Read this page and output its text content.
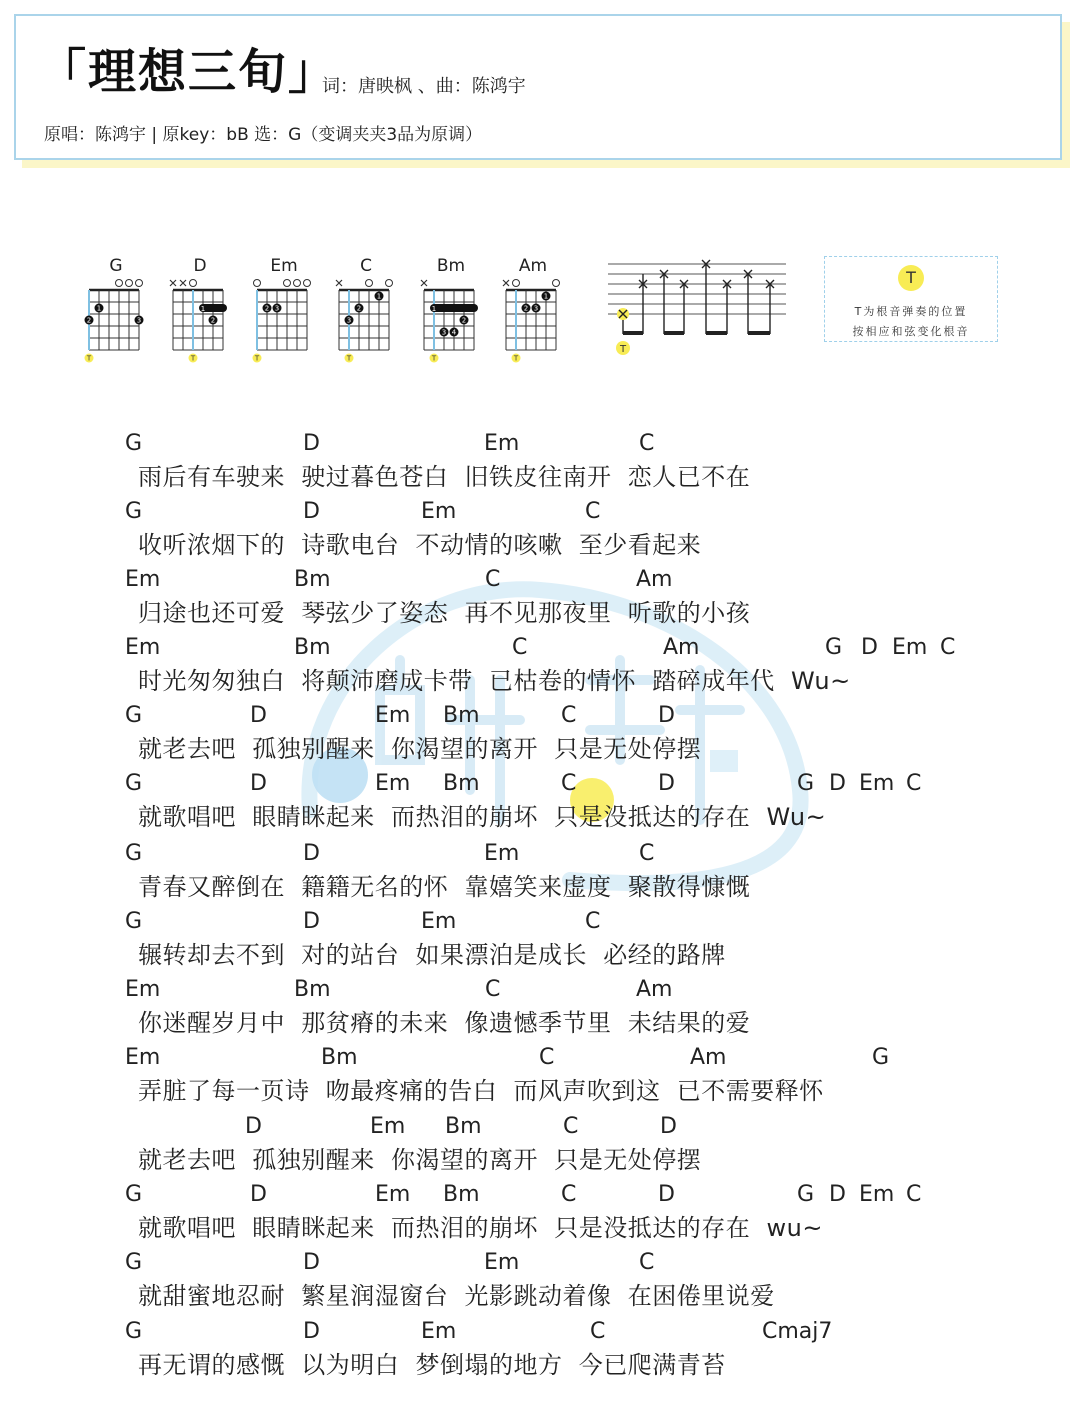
「理想三旬」
词：唐映枫 、曲：陈鸿宇
原唱：陈鸿宇 | 原key：bB 选：G（变调夹夹3品为原调）
G
2
1
3
T
D
1
2
T
Em
2 3
T
C
3
2
1
T
Bm
1
3 4
2
T
Am
2 3
1
T
T
T
T为根音弹奏的位置
按相应和弦变化根音
G	D	Em	C
雨后有车驶来  驶过暮色苍白  旧铁皮往南开  恋人已不在
G	D	Em	C
收听浓烟下的  诗歌电台  不动情的咳嗽  至少看起来
Em	Bm	C	Am
归途也还可爱  琴弦少了姿态  再不见那夜里  听歌的小孩
Em	Bm	C	Am	G D Em C
时光匆匆独白  将颠沛磨成卡带  已枯卷的情怀  踏碎成年代  Wu~
G	D	Em Bm	C	D
就老去吧  孤独别醒来  你渴望的离开  只是无处停摆
G	D	Em Bm	C	D	G D Em C
就歌唱吧  眼睛眯起来  而热泪的崩坏  只是没抵达的存在  Wu~
G	D	Em	C
青春又醉倒在  籍籍无名的怀  靠嬉笑来虚度  聚散得慷慨
G	D	Em	C
辗转却去不到  对的站台  如果漂泊是成长  必经的路牌
Em	Bm	C	Am
你迷醒岁月中  那贫瘠的未来  像遗憾季节里  未结果的爱
Em	Bm	C	Am	G
弄脏了每一页诗  吻最疼痛的告白  而风声吹到这  已不需要释怀
D	Em Bm	C	D
就老去吧  孤独别醒来  你渴望的离开  只是无处停摆
G	D	Em Bm	C	D	G D Em C
就歌唱吧  眼睛眯起来  而热泪的崩坏  只是没抵达的存在  wu~
G	D	Em	C
就甜蜜地忍耐  繁星润湿窗台  光影跳动着像  在困倦里说爱
G	D	Em	C	Cmaj7
再无谓的感慨  以为明白  梦倒塌的地方  今已爬满青苔
